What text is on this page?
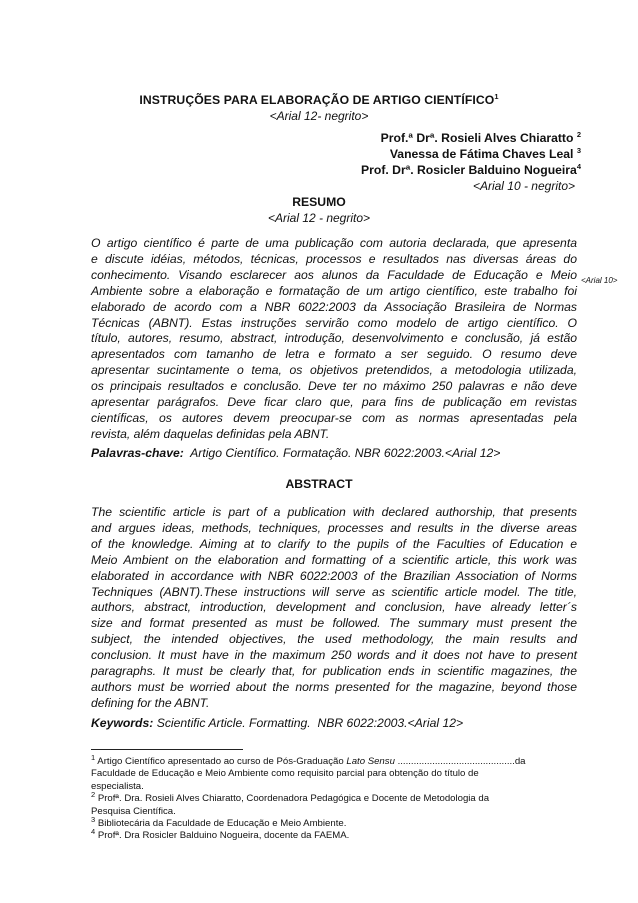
INSTRUÇÕES PARA ELABORAÇÃO DE ARTIGO $CIENTÍFICO^1$
<Arial 12- negrito>
Prof.ª Drª. Rosieli Alves Chiaratto $^2$
Vanessa de Fátima Chaves Leal $^3$
Prof. Drª. Rosicler Balduino Nogueira$^4$
<Arial 10 - negrito>
RESUMO
<Arial 12 - negrito>
O artigo científico é parte de uma publicação com autoria declarada, que apresenta
e discute idéias, métodos, técnicas, processos e resultados nas diversas áreas do
conhecimento. Visando esclarecer aos alunos da Faculdade de Educação e Meio
Ambiente sobre a elaboração e formatação de um artigo científico, este trabalho foi
elaborado de acordo com a NBR 6022:2003 da Associação Brasileira de Normas
Técnicas (ABNT). Estas instruções servirão como modelo de artigo científico. O
título, autores, resumo, abstract, introdução, desenvolvimento e conclusão, já estão
apresentados com tamanho de letra e formato a ser seguido. O resumo deve
apresentar sucintamente o tema, os objetivos pretendidos, a metodologia utilizada,
os principais resultados e conclusão. Deve ter no máximo 250 palavras e não deve
apresentar parágrafos. Deve ficar claro que, para fins de publicação em revistas
científicas, os autores devem preocupar-se com as normas apresentadas pela
revista, além daquelas definidas pela ABNT.
<Arial 10>
Palavras-chave:  Artigo Científico. Formatação. NBR 6022:2003.<Arial 12>
ABSTRACT
The scientific article is part of a publication with declared authorship, that presents
and argues ideas, methods, techniques, processes and results in the diverse areas
of the knowledge. Aiming at to clarify to the pupils of the Faculties of Education e
Meio Ambient on the elaboration and formatting of a scientific article, this work was
elaborated in accordance with NBR 6022:2003 of the Brazilian Association of Norms
Techniques (ABNT).These instructions will serve as scientific article model. The title,
authors, abstract, introduction, development and conclusion, have already letter´s
size and format presented as must be followed. The summary must present the
subject, the intended objectives, the used methodology, the main results and
conclusion. It must have in the maximum 250 words and it does not have to present
paragraphs. It must be clearly that, for publication ends in scientific magazines, the
authors must be worried about the norms presented for the magazine, beyond those
defining for the ABNT.
Keywords: Scientific Article. Formatting.  NBR 6022:2003.<Arial 12>
$^1$ Artigo Científico apresentado ao curso de Pós-Graduação Lato Sensu ............................................da
Faculdade de Educação e Meio Ambiente como requisito parcial para obtenção do título de
especialista.
$^2$ Profª. Dra. Rosieli Alves Chiaratto, Coordenadora Pedagógica e Docente de Metodologia da
Pesquisa Científica.
$^3$ Bibliotecária da Faculdade de Educação e Meio Ambiente.
$^4$ Profª. Dra Rosicler Balduino Nogueira, docente da FAEMA.
